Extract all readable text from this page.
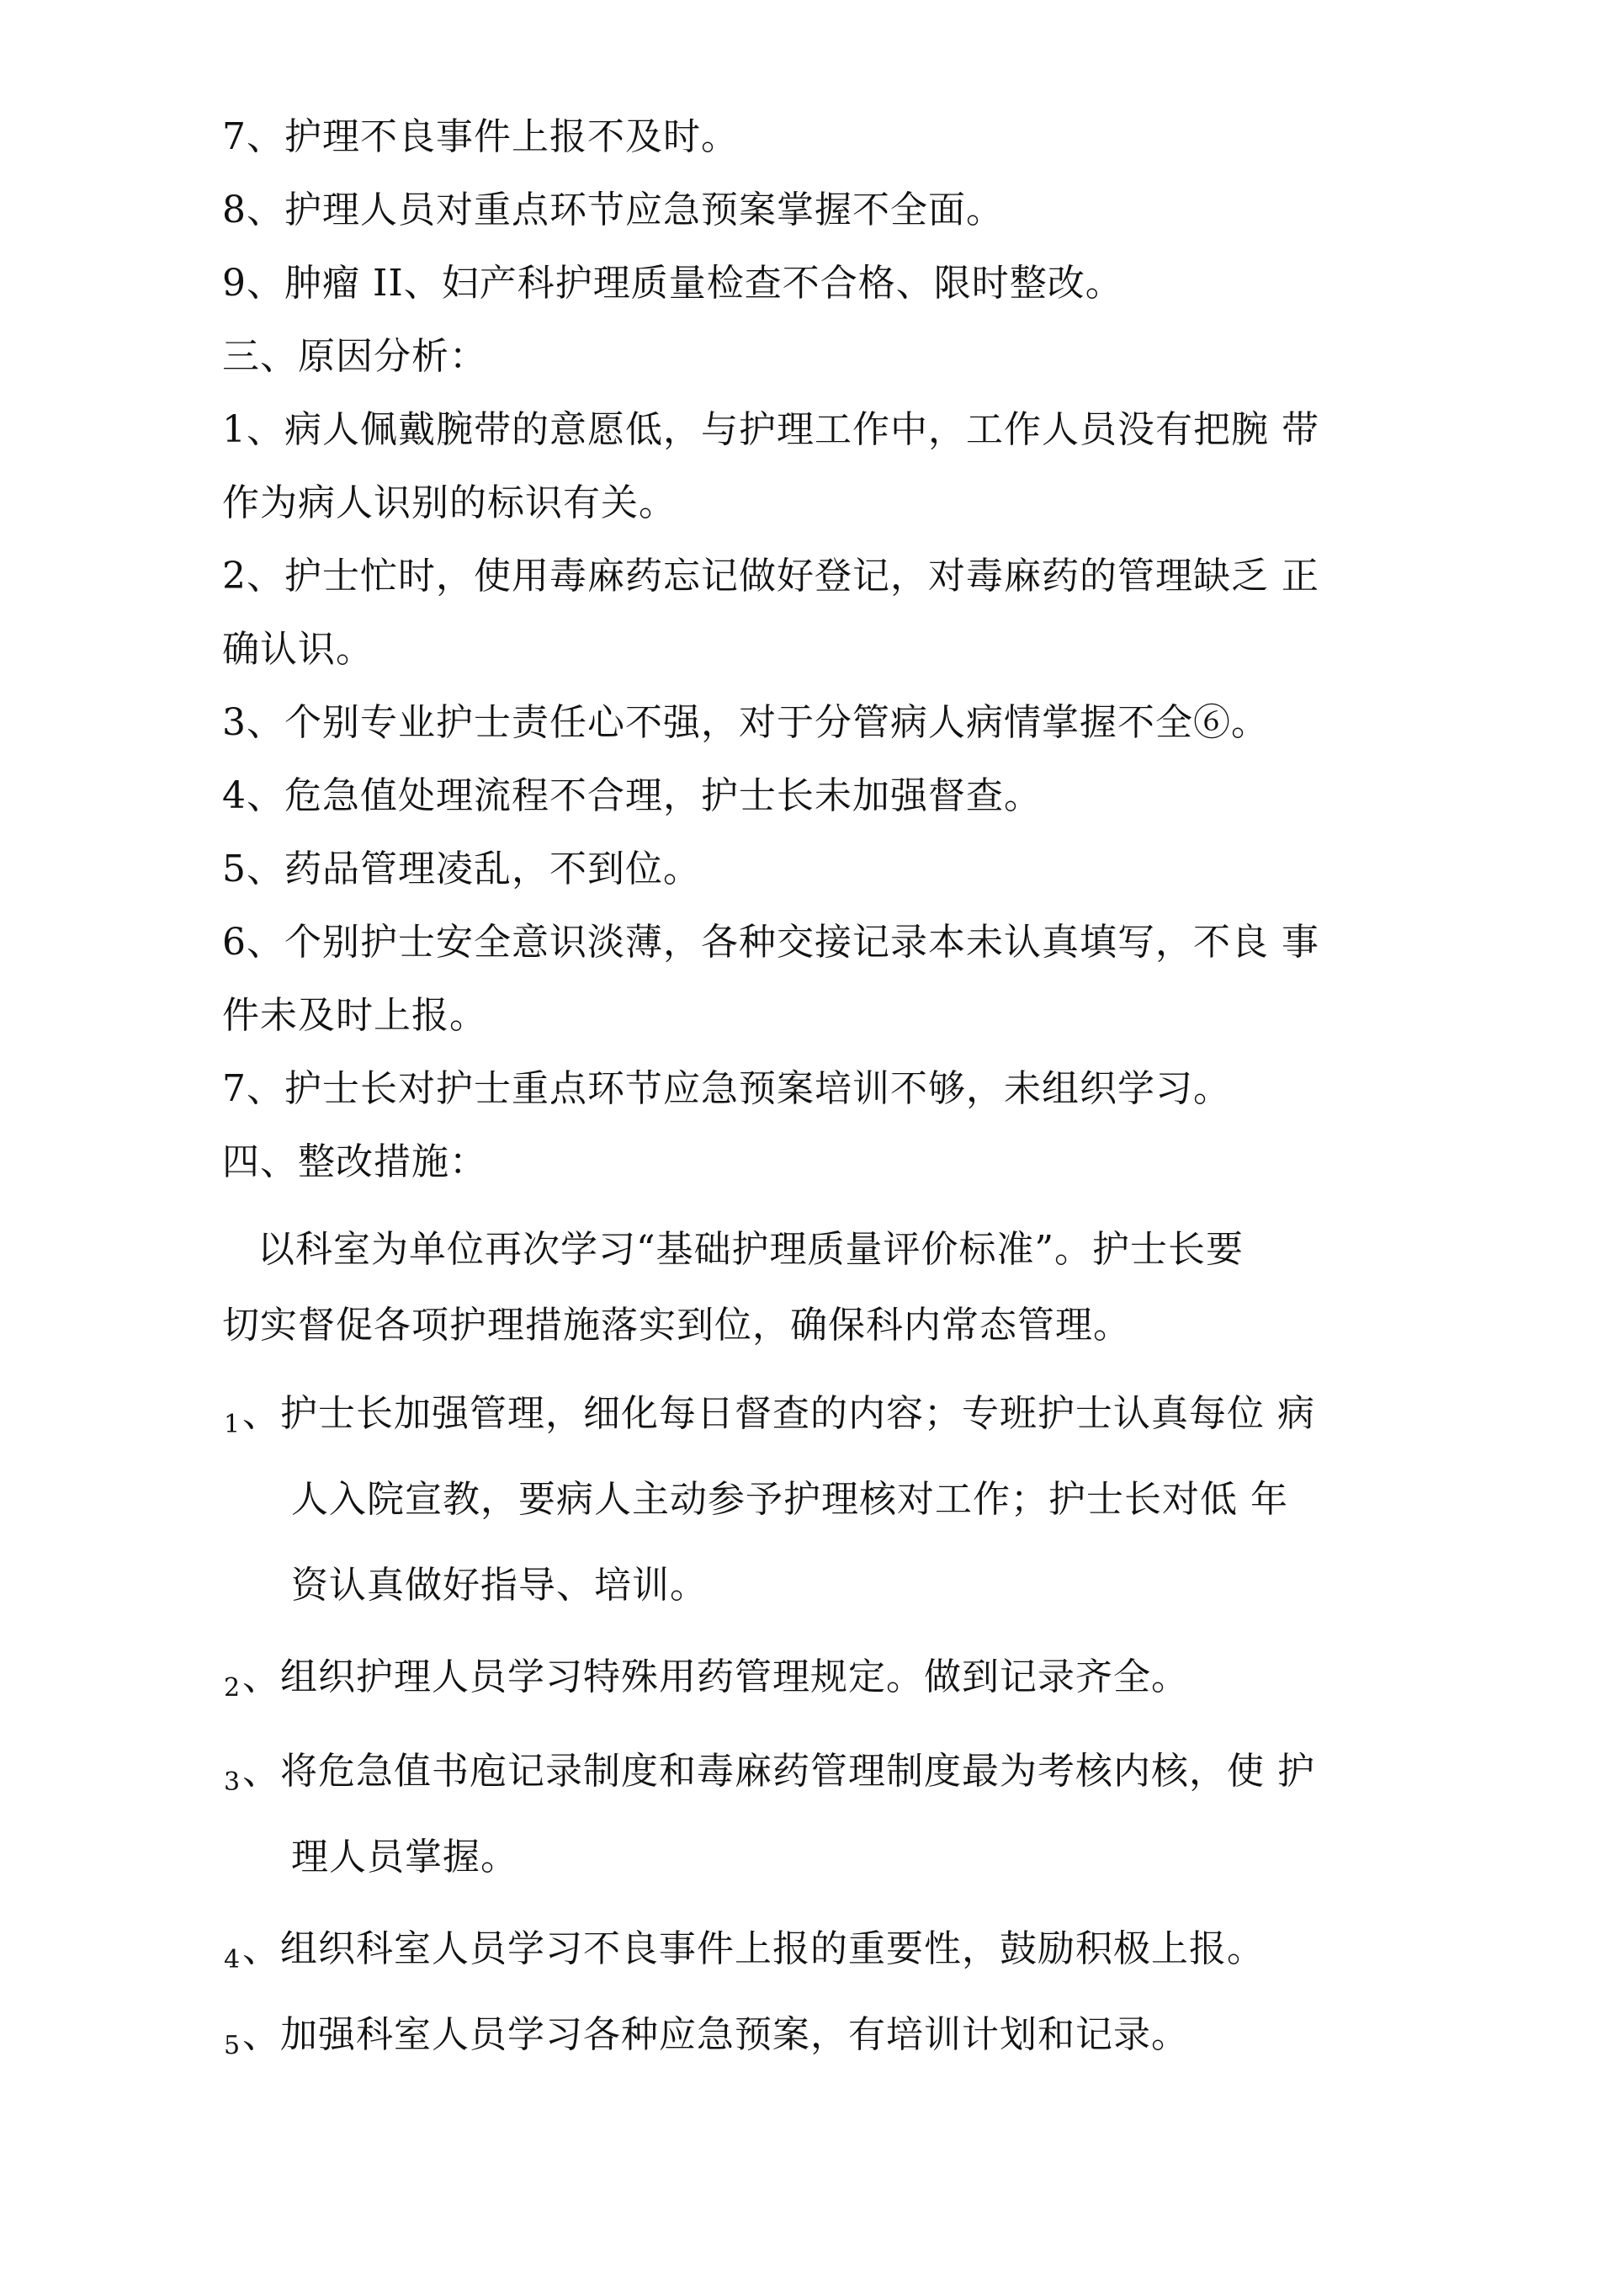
7、护理不良事件上报不及时。
8、护理人员对重点环节应急预案掌握不全面。
9、肿瘤 II、妇产科护理质量检查不合格、限时整改。
三、原因分析：
1、病人佩戴腕带的意愿低，与护理工作中，工作人员没有把腕 带
作为病人识别的标识有关。
2、护士忙时，使用毒麻药忘记做好登记，对毒麻药的管理缺乏 正
确认识。
3、个别专业护士责任心不强，对于分管病人病情掌握不全⑥。
4、危急值处理流程不合理，护士长未加强督查。
5、药品管理凌乱，不到位。
6、个别护士安全意识淡薄，各种交接记录本未认真填写，不良 事
件未及时上报。
7、护士长对护士重点环节应急预案培训不够，未组织学习。
四、整改措施：
以科室为单位再次学习“基础护理质量评价标准”。护士长要
切实督促各项护理措施落实到位，确保科内常态管理。
1 、护士长加强管理，细化每日督查的内容；专班护士认真每位 病
人入院宣教，要病人主动参予护理核对工作；护士长对低 年
资认真做好指导、培训。
2 、组织护理人员学习特殊用药管理规定。做到记录齐全。
3 、将危急值书庖记录制度和毒麻药管理制度最为考核内核，使 护
理人员掌握。
4 、组织科室人员学习不良事件上报的重要性，鼓励积极上报。
5 、加强科室人员学习各种应急预案，有培训计划和记录。
